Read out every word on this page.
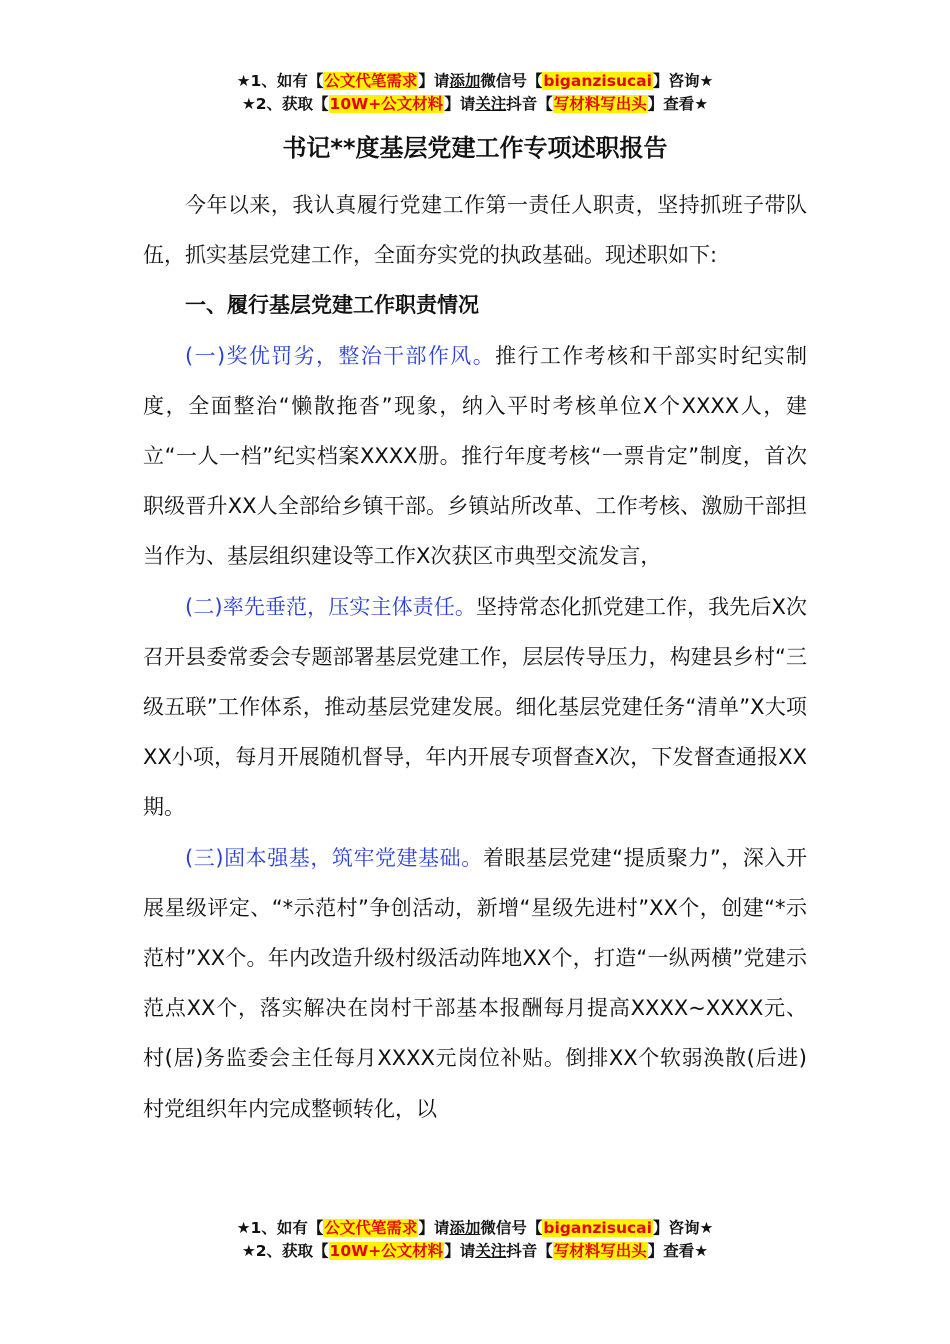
★1、如有【公文代笔需求】请添加微信号【biganzisucai】咨询★
★2、获取【10W+公文材料】请关注抖音【写材料写出头】查看★
书记**度基层党建工作专项述职报告

今年以来，我认真履行党建工作第一责任人职责，坚持抓班子带队伍，抓实基层党建工作，全面夯实党的执政基础。现述职如下:

一、履行基层党建工作职责情况

(一)奖优罚劣，整治干部作风。推行工作考核和干部实时纪实制度，全面整治“懒散拖沓”现象，纳入平时考核单位X个XXXX人，建立“一人一档”纪实档案XXXX册。推行年度考核“一票肯定”制度，首次职级晋升XX人全部给乡镇干部。乡镇站所改革、工作考核、激励干部担当作为、基层组织建设等工作X次获区市典型交流发言，

(二)率先垂范，压实主体责任。坚持常态化抓党建工作，我先后X次召开县委常委会专题部署基层党建工作，层层传导压力，构建县乡村“三级五联”工作体系，推动基层党建发展。细化基层党建任务“清单”X大项XX小项，每月开展随机督导，年内开展专项督查X次，下发督查通报XX期。

(三)固本强基，筑牢党建基础。着眼基层党建“提质聚力”，深入开展星级评定、“*示范村”争创活动，新增“星级先进村”XX个，创建“*示范村”XX个。年内改造升级村级活动阵地XX个，打造“一纵两横”党建示范点XX个，落实解决在岗村干部基本报酬每月提高XXXX~XXXX元、村(居)务监委会主任每月XXXX元岗位补贴。倒排XX个软弱涣散(后进)村党组织年内完成整顿转化，以

★1、如有【公文代笔需求】请添加微信号【biganzisucai】咨询★
★2、获取【10W+公文材料】请关注抖音【写材料写出头】查看★
